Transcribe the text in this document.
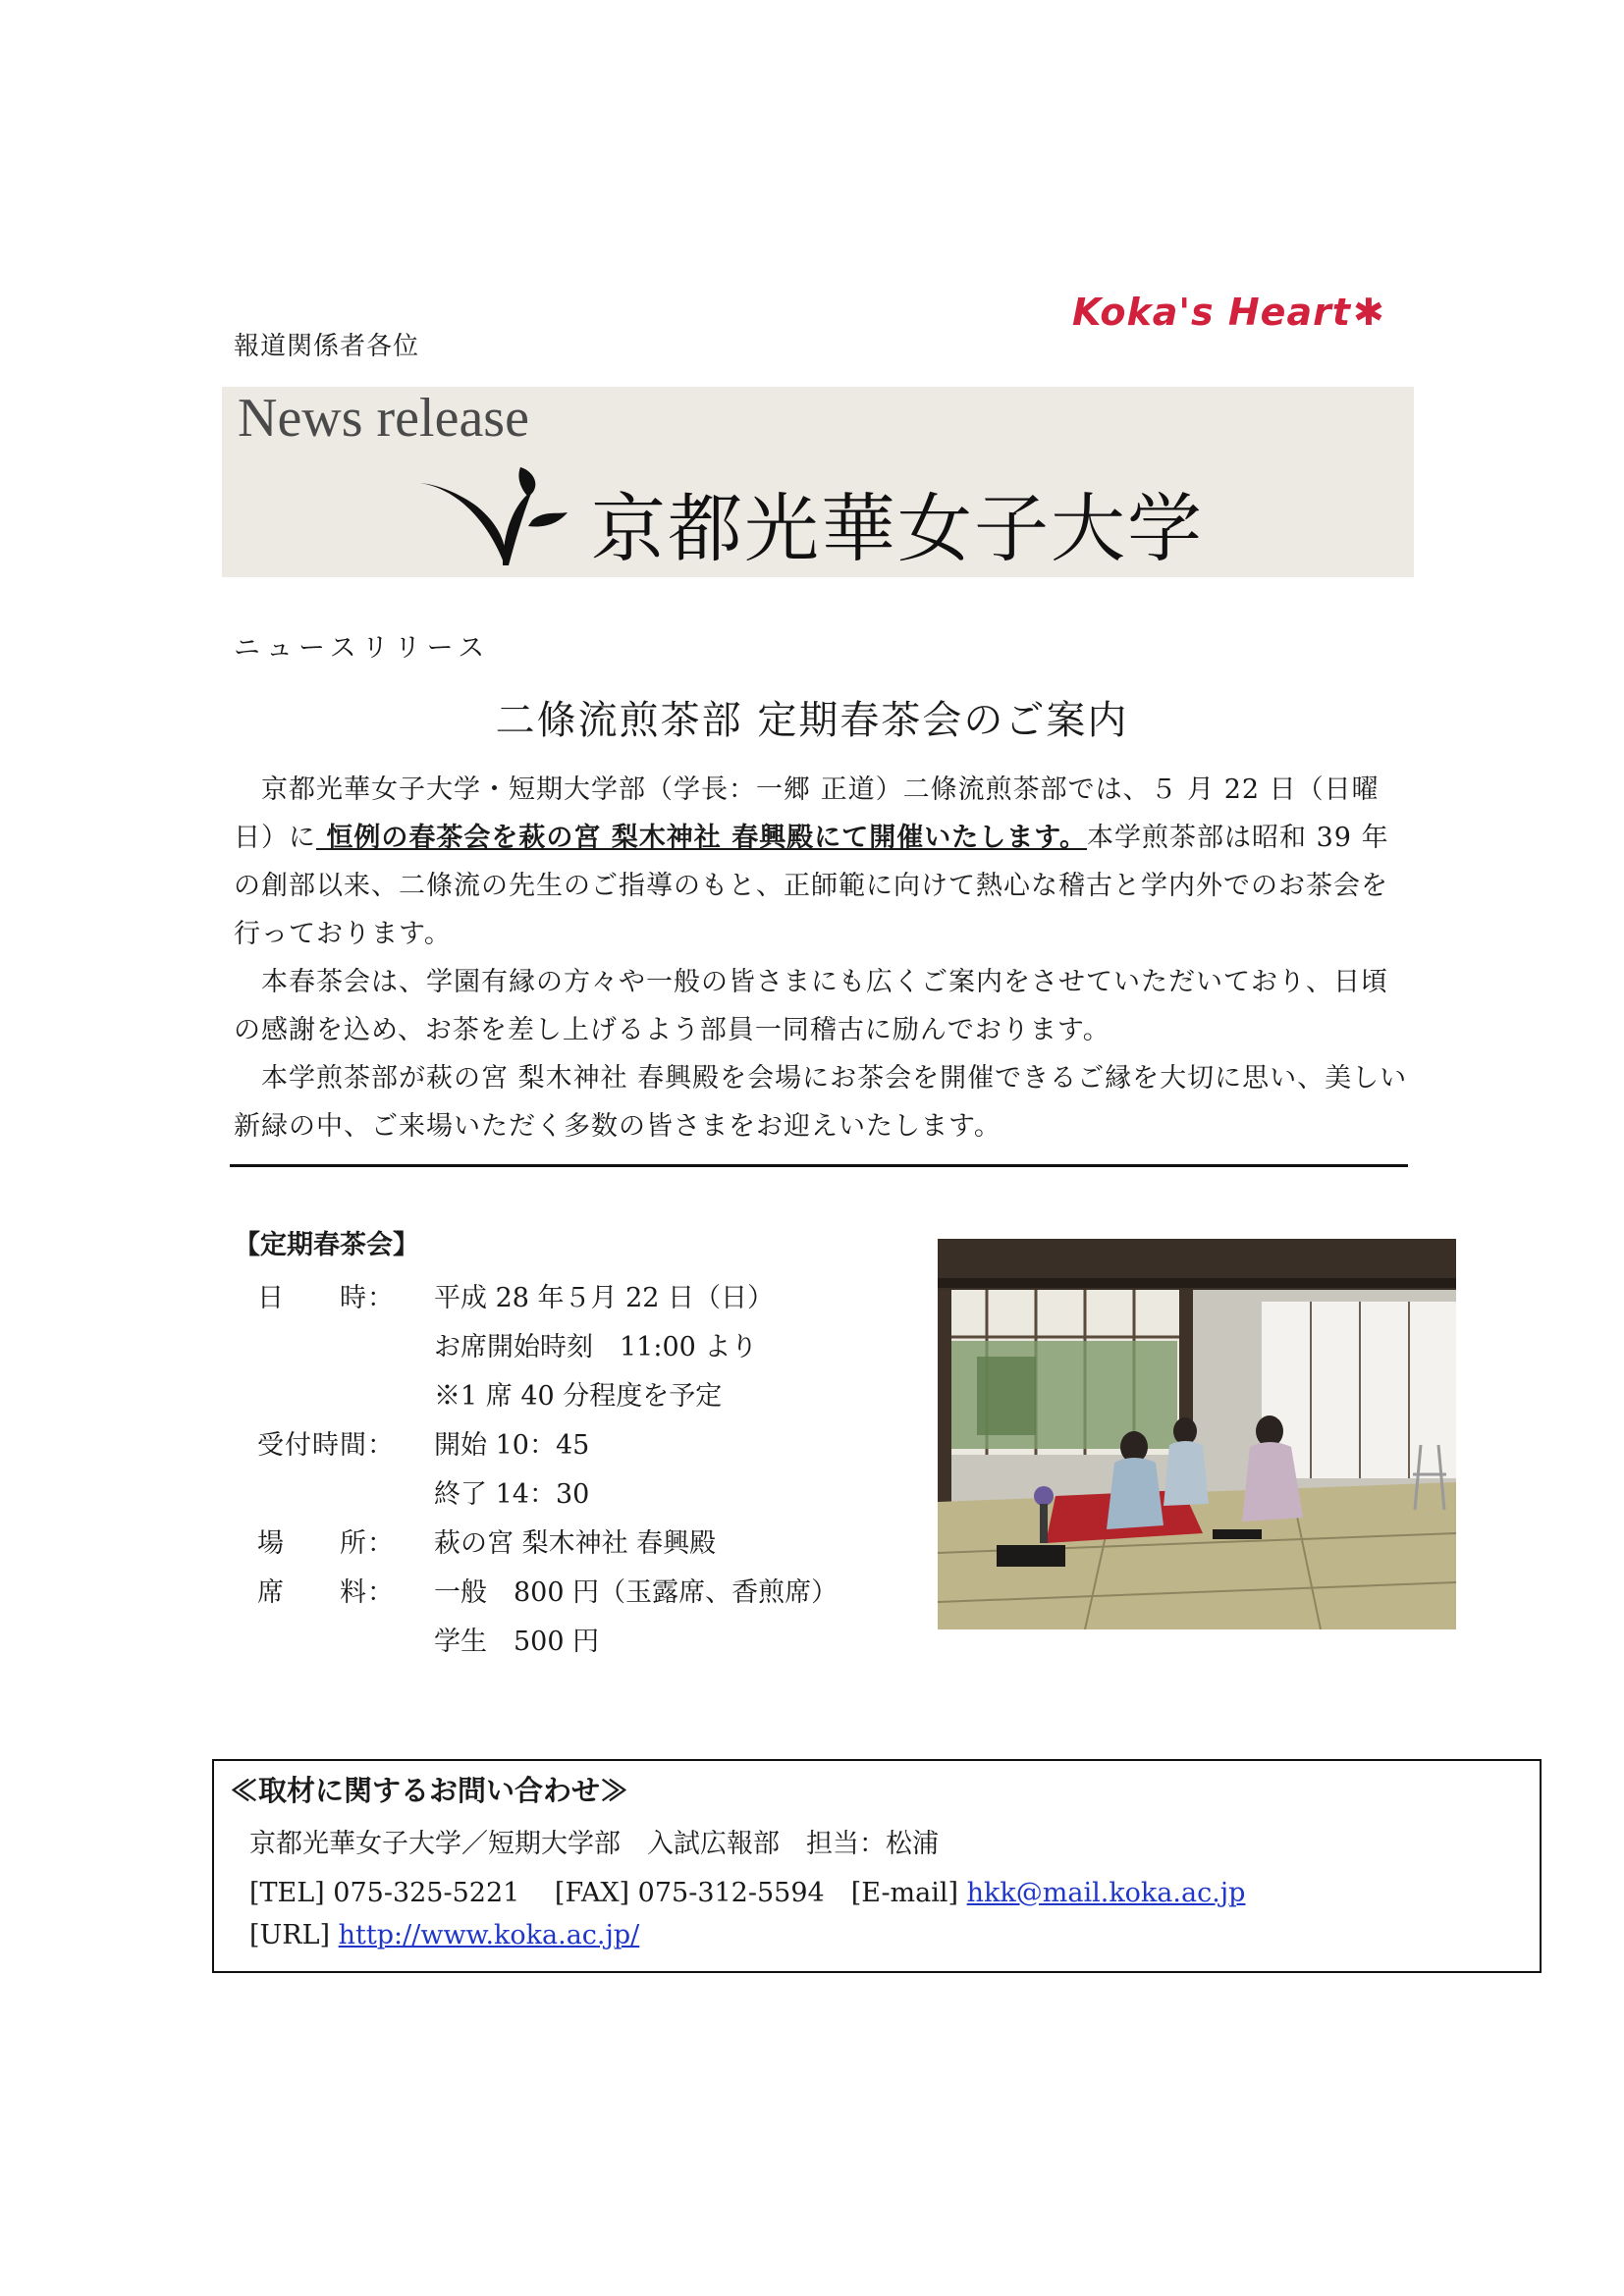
報道関係者各位
Koka's Heart✱
News release
京都光華女子大学
ニュースリリース
二條流煎茶部 定期春茶会のご案内

京都光華女子大学・短期大学部（学長：一郷 正道）二條流煎茶部では、５ 月 22 日（日曜日）に 恒例の春茶会を萩の宮 梨木神社 春興殿にて開催いたします。本学煎茶部は昭和 39 年の創部以来、二條流の先生のご指導のもと、正師範に向けて熱心な稽古と学内外でのお茶会を行っております。

本春茶会は、学園有縁の方々や一般の皆さまにも広くご案内をさせていただいており、日頃の感謝を込め、お茶を差し上げるよう部員一同稽古に励んでおります。

本学煎茶部が萩の宮 梨木神社 春興殿を会場にお茶会を開催できるご縁を大切に思い、美しい新緑の中、ご来場いただく多数の皆さまをお迎えいたします。

【定期春茶会】
日　　時：	平成 28 年５月 22 日（日）
お席開始時刻　11:00 より
※1 席 40 分程度を予定
受付時間：	開始 10：45
終了 14：30
場　　所：	萩の宮 梨木神社 春興殿
席　　料：	一般　800 円（玉露席、香煎席）
学生　500 円
≪取材に関するお問い合わせ≫
京都光華女子大学／短期大学部　入試広報部　担当：松浦
[TEL] 075-325-5221　 [FAX] 075-312-5594　[E-mail] hkk@mail.koka.ac.jp
[URL] http://www.koka.ac.jp/
